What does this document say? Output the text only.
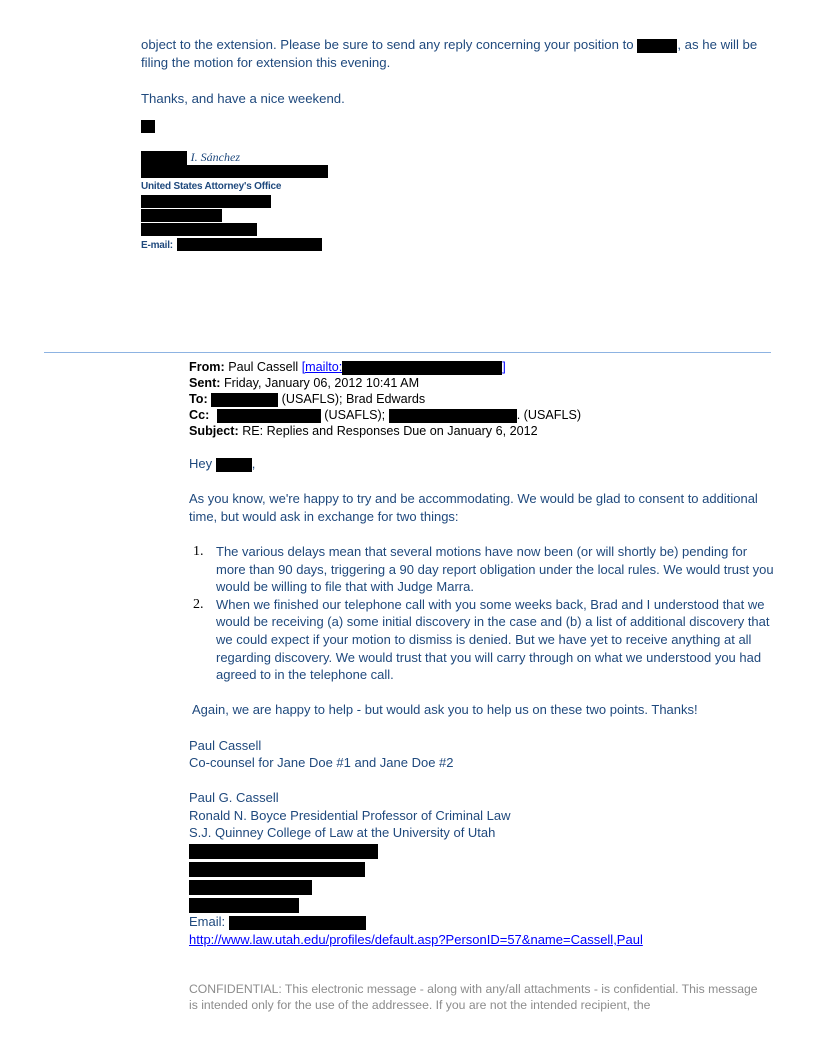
object to the extension. Please be sure to send any reply concerning your position to	, as he will be filing the motion for extension this evening.

Thanks, and have a nice weekend.

I. Sánchez
United States Attorney's Office
E-mail:
From: Paul Cassell [mailto:	]
Sent: Friday, January 06, 2012 10:41 AM
To:	(USAFLS); Brad Edwards
Cc:	(USAFLS);	. (USAFLS)
Subject: RE: Replies and Responses Due on January 6, 2012

Hey	,

As you know, we're happy to try and be accommodating. We would be glad to consent to additional time, but would ask in exchange for two things:

1. The various delays mean that several motions have now been (or will shortly be) pending for more than 90 days, triggering a 90 day report obligation under the local rules. We would trust you would be willing to file that with Judge Marra.
2. When we finished our telephone call with you some weeks back, Brad and I understood that we would be receiving (a) some initial discovery in the case and (b) a list of additional discovery that we could expect if your motion to dismiss is denied. But we have yet to receive anything at all regarding discovery. We would trust that you will carry through on what we understood you had agreed to in the telephone call.

Again, we are happy to help - but would ask you to help us on these two points. Thanks!

Paul Cassell

Co-counsel for Jane Doe #1 and Jane Doe #2

Paul G. Cassell

Ronald N. Boyce Presidential Professor of Criminal Law

S.J. Quinney College of Law at the University of Utah

Email:

http://www.law.utah.edu/profiles/default.asp?PersonID=57&name=Cassell,Paul

CONFIDENTIAL: This electronic message - along with any/all attachments - is confidential. This message is intended only for the use of the addressee. If you are not the intended recipient, the
